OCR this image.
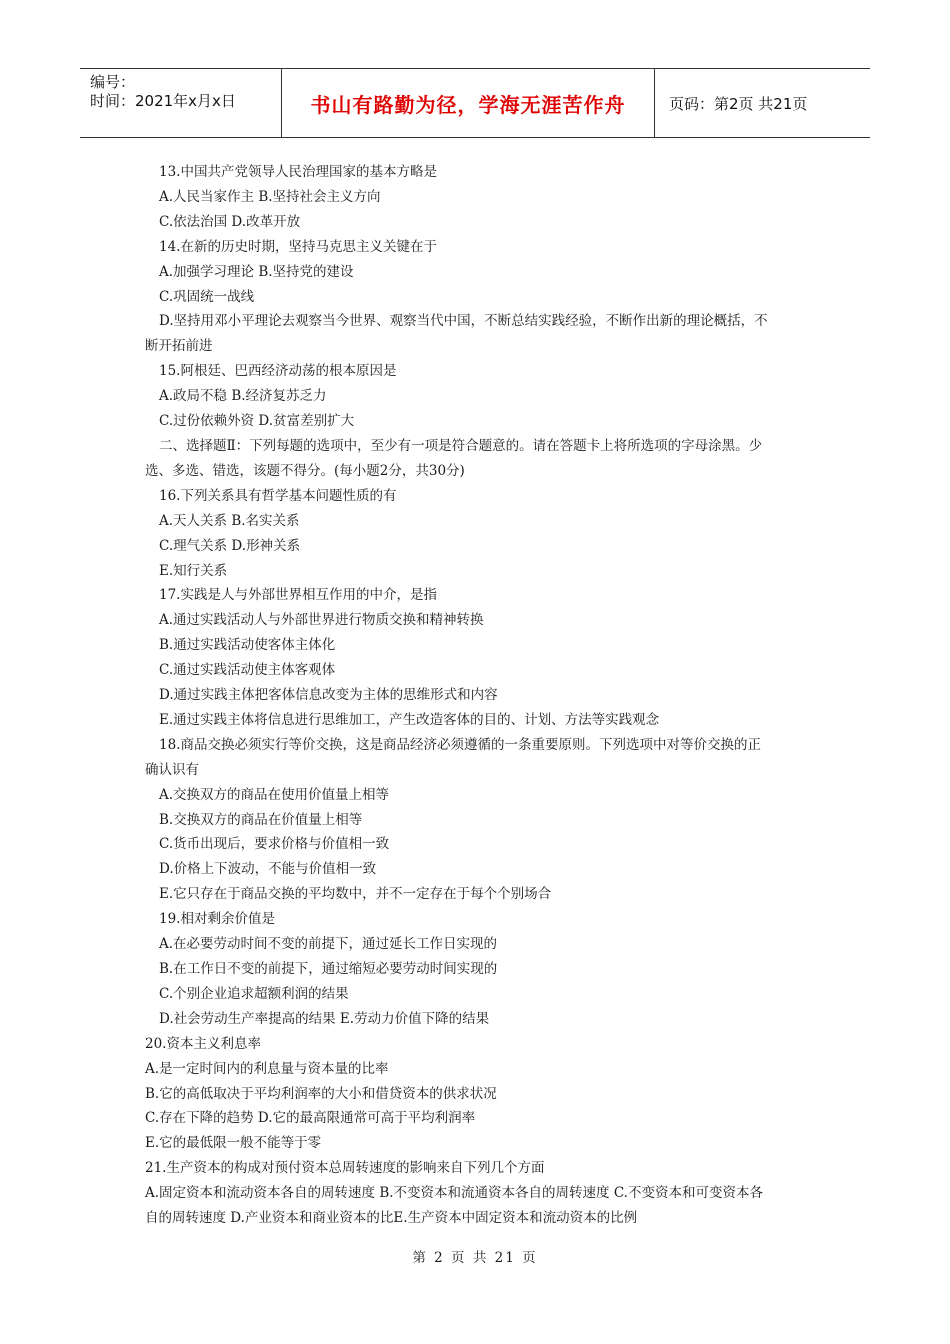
编号：
时间：2021年x月x日	书山有路勤为径，学海无涯苦作舟	页码：第2页 共21页
13.中国共产党领导人民治理国家的基本方略是
A.人民当家作主 B.坚持社会主义方向
C.依法治国 D.改革开放
14.在新的历史时期，坚持马克思主义关键在于
A.加强学习理论 B.坚持党的建设
C.巩固统一战线
D.坚持用邓小平理论去观察当今世界、观察当代中国，不断总结实践经验，不断作出新的理论概括，不
断开拓前进
15.阿根廷、巴西经济动荡的根本原因是
A.政局不稳 B.经济复苏乏力
C.过份依赖外资 D.贫富差别扩大
二、选择题Ⅱ：下列每题的选项中，至少有一项是符合题意的。请在答题卡上将所选项的字母涂黑。少
选、多选、错选，该题不得分。(每小题2分，共30分)
16.下列关系具有哲学基本问题性质的有
A.天人关系 B.名实关系
C.理气关系 D.形神关系
E.知行关系
17.实践是人与外部世界相互作用的中介，是指
A.通过实践活动人与外部世界进行物质交换和精神转换
B.通过实践活动使客体主体化
C.通过实践活动使主体客观体
D.通过实践主体把客体信息改变为主体的思维形式和内容
E.通过实践主体将信息进行思维加工，产生改造客体的目的、计划、方法等实践观念
18.商品交换必须实行等价交换，这是商品经济必须遵循的一条重要原则。下列选项中对等价交换的正
确认识有
A.交换双方的商品在使用价值量上相等
B.交换双方的商品在价值量上相等
C.货币出现后，要求价格与价值相一致
D.价格上下波动，不能与价值相一致
E.它只存在于商品交换的平均数中，并不一定存在于每个个别场合
19.相对剩余价值是
A.在必要劳动时间不变的前提下，通过延长工作日实现的
B.在工作日不变的前提下，通过缩短必要劳动时间实现的
C.个别企业追求超额利润的结果
D.社会劳动生产率提高的结果 E.劳动力价值下降的结果
20.资本主义利息率
A.是一定时间内的利息量与资本量的比率
B.它的高低取决于平均利润率的大小和借贷资本的供求状况
C.存在下降的趋势 D.它的最高限通常可高于平均利润率
E.它的最低限一般不能等于零
21.生产资本的构成对预付资本总周转速度的影响来自下列几个方面
A.固定资本和流动资本各自的周转速度 B.不变资本和流通资本各自的周转速度 C.不变资本和可变资本各
自的周转速度 D.产业资本和商业资本的比E.生产资本中固定资本和流动资本的比例
第 2 页 共 21 页
